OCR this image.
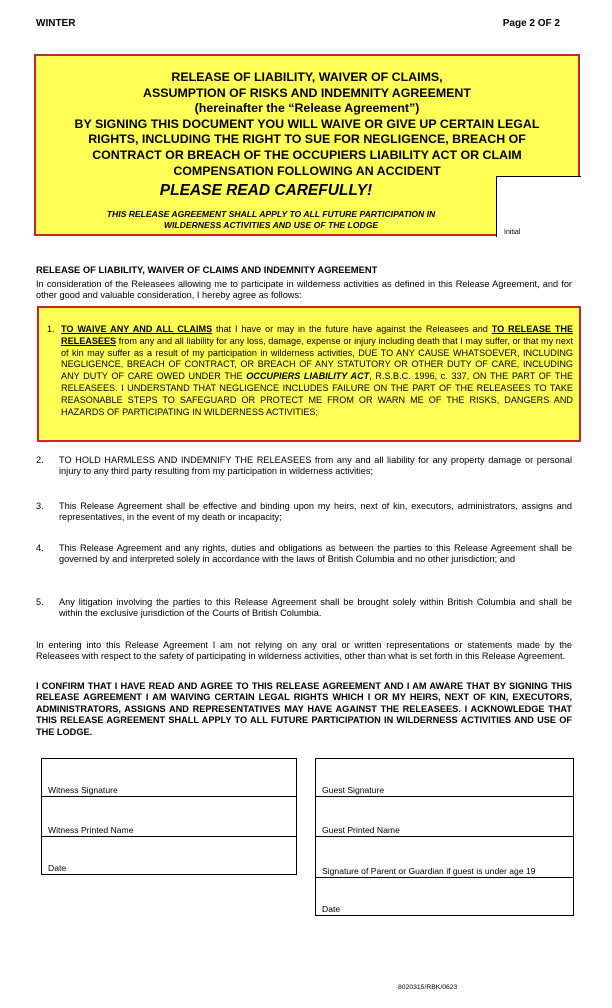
WINTER	Page 2 OF 2
RELEASE OF LIABILITY, WAIVER OF CLAIMS,
ASSUMPTION OF RISKS AND INDEMNITY AGREEMENT
(hereinafter the “Release Agreement”)
BY SIGNING THIS DOCUMENT YOU WILL WAIVE OR GIVE UP CERTAIN LEGAL
RIGHTS, INCLUDING THE RIGHT TO SUE FOR NEGLIGENCE, BREACH OF
CONTRACT OR BREACH OF THE OCCUPIERS LIABILITY ACT OR CLAIM
COMPENSATION FOLLOWING AN ACCIDENT
PLEASE READ CAREFULLY!
THIS RELEASE AGREEMENT SHALL APPLY TO ALL FUTURE PARTICIPATION IN
WILDERNESS ACTIVITIES AND USE OF THE LODGE
Initial
RELEASE OF LIABILITY, WAIVER OF CLAIMS AND INDEMNITY AGREEMENT
In consideration of the Releasees allowing me to participate in wilderness activities as defined in this Release Agreement, and for other good and valuable consideration, I hereby agree as follows:
1. TO WAIVE ANY AND ALL CLAIMS that I have or may in the future have against the Releasees and TO RELEASE THE RELEASEES from any and all liability for any loss, damage, expense or injury including death that I may suffer, or that my next of kin may suffer as a result of my participation in wilderness activities, DUE TO ANY CAUSE WHATSOEVER, INCLUDING NEGLIGENCE, BREACH OF CONTRACT, OR BREACH OF ANY STATUTORY OR OTHER DUTY OF CARE, INCLUDING ANY DUTY OF CARE OWED UNDER THE OCCUPIERS LIABILITY ACT, R.S.B.C. 1996, c. 337, ON THE PART OF THE RELEASEES. I UNDERSTAND THAT NEGLIGENCE INCLUDES FAILURE ON THE PART OF THE RELEASEES TO TAKE REASONABLE STEPS TO SAFEGUARD OR PROTECT ME FROM OR WARN ME OF THE RISKS, DANGERS AND HAZARDS OF PARTICIPATING IN WILDERNESS ACTIVITIES;
2. TO HOLD HARMLESS AND INDEMNIFY THE RELEASEES from any and all liability for any property damage or personal injury to any third party resulting from my participation in wilderness activities;
3. This Release Agreement shall be effective and binding upon my heirs, next of kin, executors, administrators, assigns and representatives, in the event of my death or incapacity;
4. This Release Agreement and any rights, duties and obligations as between the parties to this Release Agreement shall be governed by and interpreted solely in accordance with the laws of British Columbia and no other jurisdiction; and
5. Any litigation involving the parties to this Release Agreement shall be brought solely within British Columbia and shall be within the exclusive jurisdiction of the Courts of British Columbia.
In entering into this Release Agreement I am not relying on any oral or written representations or statements made by the Releasees with respect to the safety of participating in wilderness activities, other than what is set forth in this Release Agreement.
I CONFIRM THAT I HAVE READ AND AGREE TO THIS RELEASE AGREEMENT AND I AM AWARE THAT BY SIGNING THIS RELEASE AGREEMENT I AM WAIVING CERTAIN LEGAL RIGHTS WHICH I OR MY HEIRS, NEXT OF KIN, EXECUTORS, ADMINISTRATORS, ASSIGNS AND REPRESENTATIVES MAY HAVE AGAINST THE RELEASEES. I ACKNOWLEDGE THAT THIS RELEASE AGREEMENT SHALL APPLY TO ALL FUTURE PARTICIPATION IN WILDERNESS ACTIVITIES AND USE OF THE LODGE.
Witness Signature
Witness Printed Name
Date
Guest Signature
Guest Printed Name
Signature of Parent or Guardian if guest is under age 19
Date
8020315/RBK/0623
